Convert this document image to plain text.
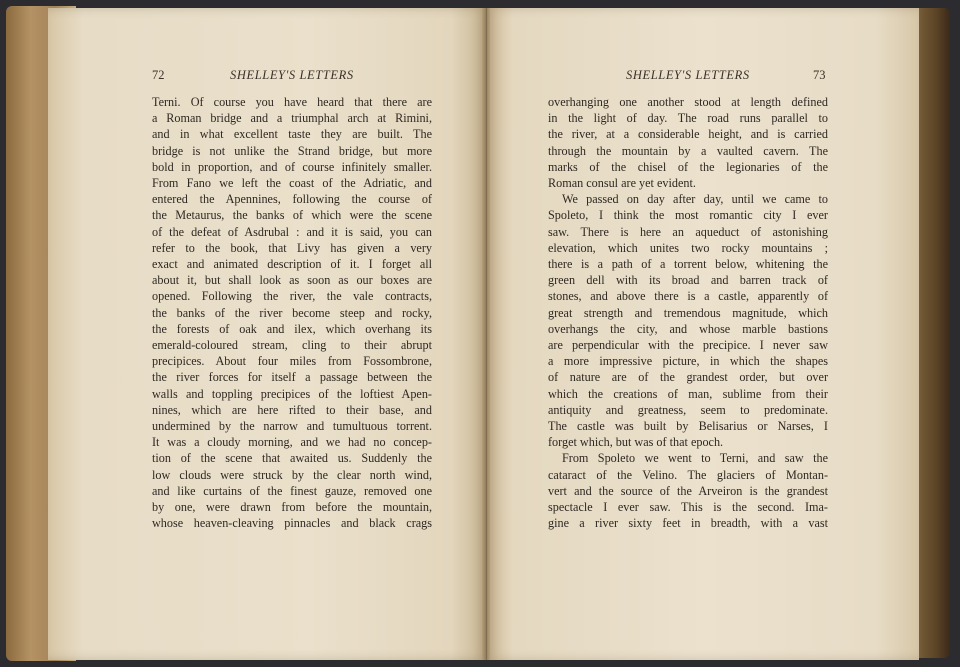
72	SHELLEY'S LETTERS	SHELLEY'S LETTERS	73
Terni. Of course you have heard that there are
a Roman bridge and a triumphal arch at Rimini,
and in what excellent taste they are built. The
bridge is not unlike the Strand bridge, but more
bold in proportion, and of course infinitely smaller.
From Fano we left the coast of the Adriatic, and
entered the Apennines, following the course of
the Metaurus, the banks of which were the scene
of the defeat of Asdrubal : and it is said, you can
refer to the book, that Livy has given a very
exact and animated description of it. I forget all
about it, but shall look as soon as our boxes are
opened. Following the river, the vale contracts,
the banks of the river become steep and rocky,
the forests of oak and ilex, which overhang its
emerald-coloured stream, cling to their abrupt
precipices. About four miles from Fossombrone,
the river forces for itself a passage between the
walls and toppling precipices of the loftiest Apen-
nines, which are here rifted to their base, and
undermined by the narrow and tumultuous torrent.
It was a cloudy morning, and we had no concep-
tion of the scene that awaited us. Suddenly the
low clouds were struck by the clear north wind,
and like curtains of the finest gauze, removed one
by one, were drawn from before the mountain,
whose heaven-cleaving pinnacles and black crags
overhanging one another stood at length defined
in the light of day. The road runs parallel to
the river, at a considerable height, and is carried
through the mountain by a vaulted cavern. The
marks of the chisel of the legionaries of the
Roman consul are yet evident.
We passed on day after day, until we came to
Spoleto, I think the most romantic city I ever
saw. There is here an aqueduct of astonishing
elevation, which unites two rocky mountains ;
there is a path of a torrent below, whitening the
green dell with its broad and barren track of
stones, and above there is a castle, apparently of
great strength and tremendous magnitude, which
overhangs the city, and whose marble bastions
are perpendicular with the precipice. I never saw
a more impressive picture, in which the shapes
of nature are of the grandest order, but over
which the creations of man, sublime from their
antiquity and greatness, seem to predominate.
The castle was built by Belisarius or Narses, I
forget which, but was of that epoch.
From Spoleto we went to Terni, and saw the
cataract of the Velino. The glaciers of Montan-
vert and the source of the Arveiron is the grandest
spectacle I ever saw. This is the second. Ima-
gine a river sixty feet in breadth, with a vast
